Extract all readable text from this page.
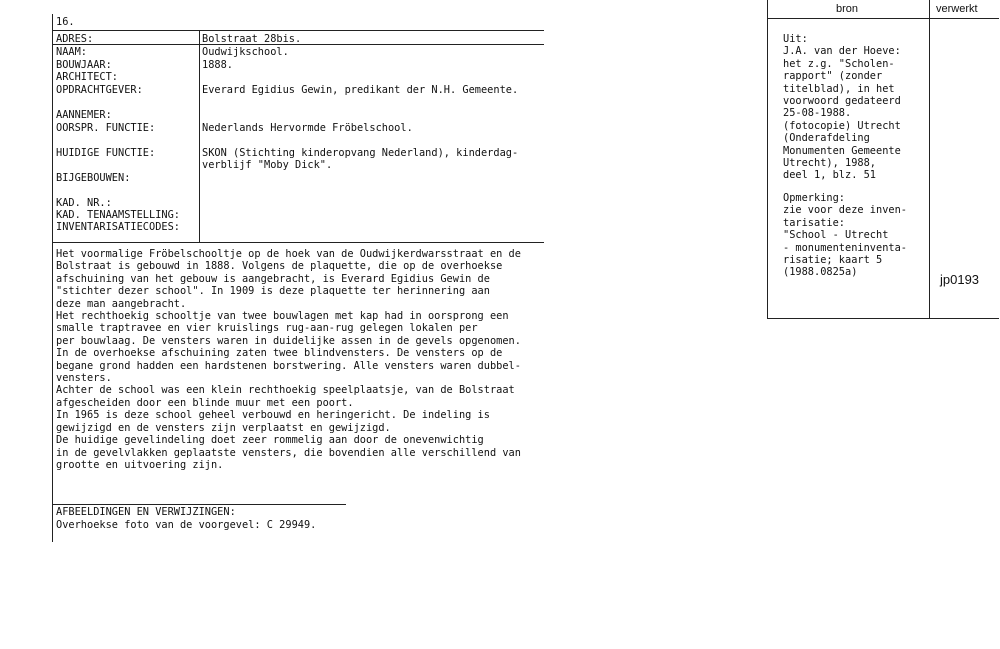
16.
ADRES:
NAAM:
BOUWJAAR:
ARCHITECT:
OPDRACHTGEVER:
AANNEMER:
OORSPR. FUNCTIE:
HUIDIGE FUNCTIE:
BIJGEBOUWEN:
KAD. NR.:
KAD. TENAAMSTELLING:
INVENTARISATIECODES:
Bolstraat 28bis.
Oudwijkschool.
1888.
Everard Egidius Gewin, predikant der N.H. Gemeente.
Nederlands Hervormde Fröbelschool.
SKON (Stichting kinderopvang Nederland), kinderdag-
verblijf "Moby Dick".
Het voormalige Fröbelschooltje op de hoek van de Oudwijkerdwarsstraat en de
Bolstraat is gebouwd in 1888. Volgens de plaquette, die op de overhoekse
afschuining van het gebouw is aangebracht, is Everard Egidius Gewin de
"stichter dezer school". In 1909 is deze plaquette ter herinnering aan
deze man aangebracht.
Het rechthoekig schooltje van twee bouwlagen met kap had in oorsprong een
smalle traptravee en vier kruislings rug-aan-rug gelegen lokalen per
per bouwlaag. De vensters waren in duidelijke assen in de gevels opgenomen.
In de overhoekse afschuining zaten twee blindvensters. De vensters op de
begane grond hadden een hardstenen borstwering. Alle vensters waren dubbel-
vensters.
Achter de school was een klein rechthoekig speelplaatsje, van de Bolstraat
afgescheiden door een blinde muur met een poort.
In 1965 is deze school geheel verbouwd en heringericht. De indeling is
gewijzigd en de vensters zijn verplaatst en gewijzigd.
De huidige gevelindeling doet zeer rommelig aan door de onevenwichtig
in de gevelvlakken geplaatste vensters, die bovendien alle verschillend van
grootte en uitvoering zijn.
AFBEELDINGEN EN VERWIJZINGEN:
Overhoekse foto van de voorgevel: C 29949.
bron	verwerkt
Uit:
J.A. van der Hoeve:
het z.g. "Scholen-
rapport" (zonder
titelblad), in het
voorwoord gedateerd
25-08-1988.
(fotocopie) Utrecht
(Onderafdeling
Monumenten Gemeente
Utrecht), 1988,
deel 1, blz. 51
Opmerking:
zie voor deze inven-
tarisatie:
"School - Utrecht
- monumenteninventa-
risatie; kaart 5
(1988.0825a)	jp0193
